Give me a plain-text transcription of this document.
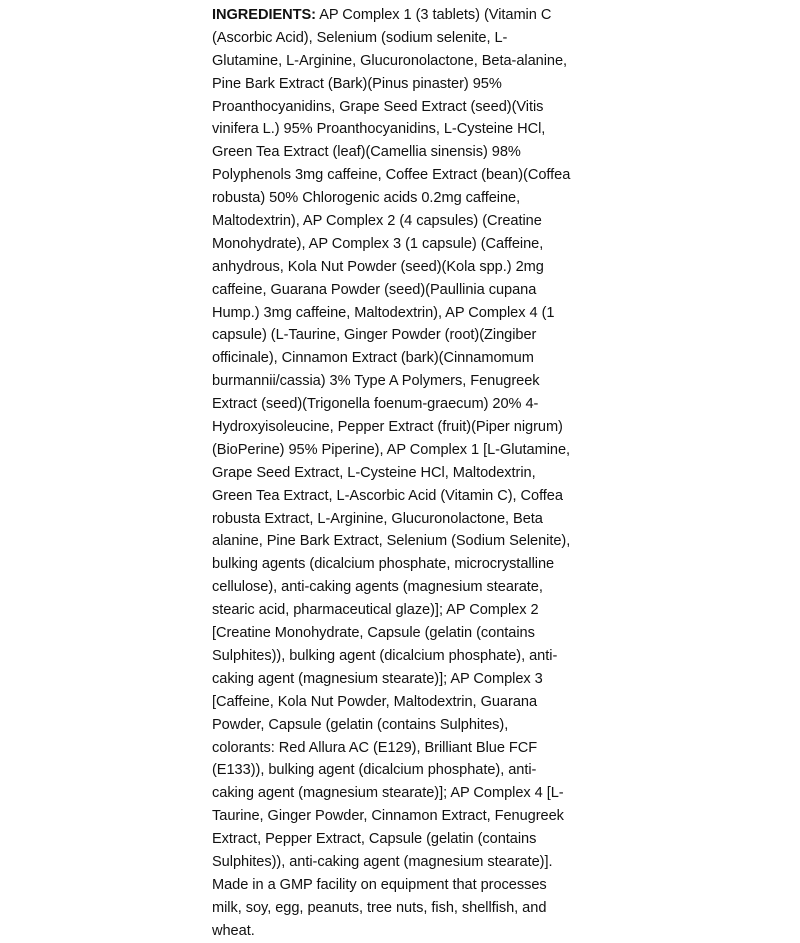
INGREDIENTS: AP Complex 1 (3 tablets) (Vitamin C
(Ascorbic Acid), Selenium (sodium selenite, L-
Glutamine, L-Arginine, Glucuronolactone, Beta-alanine,
Pine Bark Extract (Bark)(Pinus pinaster) 95%
Proanthocyanidins, Grape Seed Extract (seed)(Vitis
vinifera L.) 95% Proanthocyanidins, L-Cysteine HCl,
Green Tea Extract (leaf)(Camellia sinensis) 98%
Polyphenols 3mg caffeine, Coffee Extract (bean)(Coffea
robusta) 50% Chlorogenic acids 0.2mg caffeine,
Maltodextrin), AP Complex 2 (4 capsules) (Creatine
Monohydrate), AP Complex 3 (1 capsule) (Caffeine,
anhydrous, Kola Nut Powder (seed)(Kola spp.) 2mg
caffeine, Guarana Powder (seed)(Paullinia cupana
Hump.) 3mg caffeine, Maltodextrin), AP Complex 4 (1
capsule) (L-Taurine, Ginger Powder (root)(Zingiber
officinale), Cinnamon Extract (bark)(Cinnamomum
burmannii/cassia) 3% Type A Polymers, Fenugreek
Extract (seed)(Trigonella foenum-graecum) 20% 4-
Hydroxyisoleucine, Pepper Extract (fruit)(Piper nigrum)
(BioPerine) 95% Piperine), AP Complex 1 [L-Glutamine,
Grape Seed Extract, L-Cysteine HCl, Maltodextrin,
Green Tea Extract, L-Ascorbic Acid (Vitamin C), Coffea
robusta Extract, L-Arginine, Glucuronolactone, Beta
alanine, Pine Bark Extract, Selenium (Sodium Selenite),
bulking agents (dicalcium phosphate, microcrystalline
cellulose), anti-caking agents (magnesium stearate,
stearic acid, pharmaceutical glaze)]; AP Complex 2
[Creatine Monohydrate, Capsule (gelatin (contains
Sulphites)), bulking agent (dicalcium phosphate), anti-
caking agent (magnesium stearate)]; AP Complex 3
[Caffeine, Kola Nut Powder, Maltodextrin, Guarana
Powder, Capsule (gelatin (contains Sulphites),
colorants: Red Allura AC (E129), Brilliant Blue FCF
(E133)), bulking agent (dicalcium phosphate), anti-
caking agent (magnesium stearate)]; AP Complex 4 [L-
Taurine, Ginger Powder, Cinnamon Extract, Fenugreek
Extract, Pepper Extract, Capsule (gelatin (contains
Sulphites)), anti-caking agent (magnesium stearate)].
Made in a GMP facility on equipment that processes
milk, soy, egg, peanuts, tree nuts, fish, shellfish, and
wheat.
